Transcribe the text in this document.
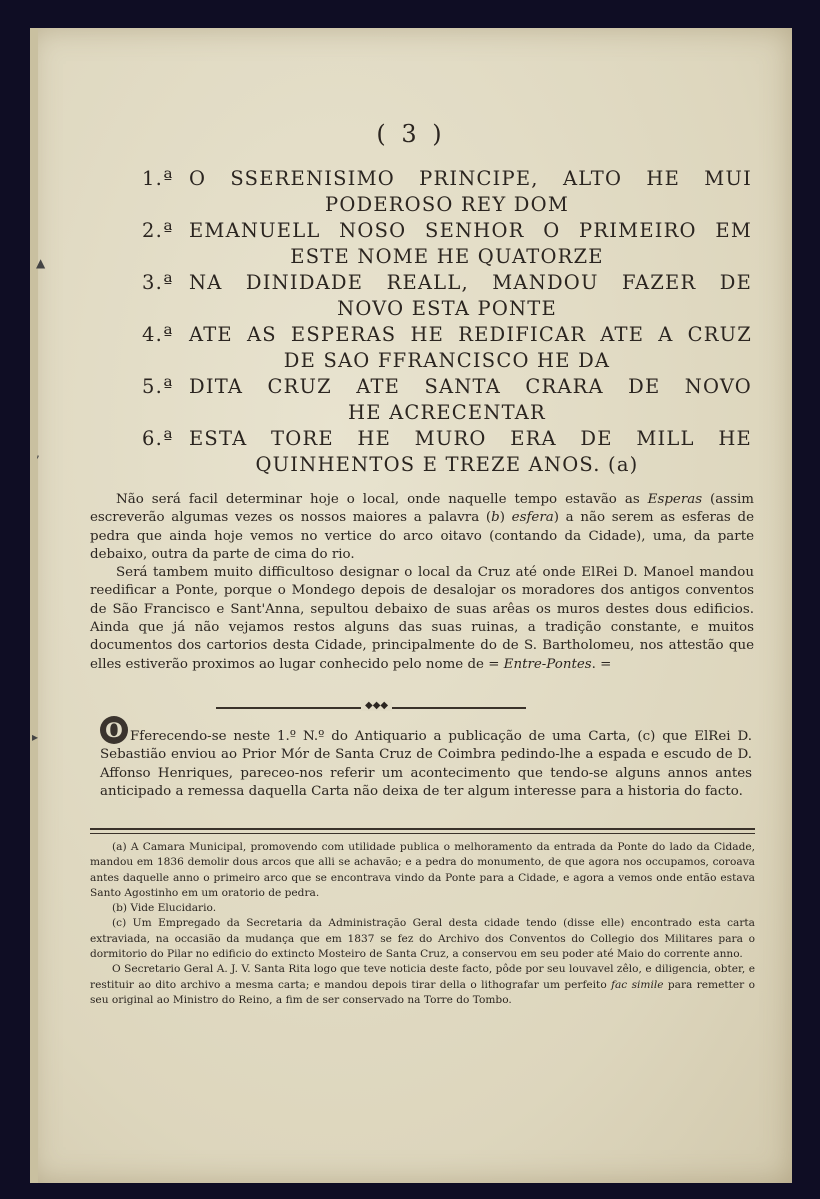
▲
,
▸
( 3 )
1.ª O SSERENISIMO PRINCIPE, ALTO HE MUI
PODEROSO REY DOM
2.ª EMANUELL NOSO SENHOR O PRIMEIRO EM
ESTE NOME HE QUATORZE
3.ª NA DINIDADE REALL, MANDOU FAZER DE
NOVO ESTA PONTE
4.ª ATE AS ESPERAS HE REDIFICAR ATE A CRUZ
DE SAO FFRANCISCO HE DA
5.ª DITA CRUZ ATE SANTA CRARA DE NOVO
HE ACRECENTAR
6.ª ESTA TORE HE MURO ERA DE MILL HE
QUINHENTOS E TREZE ANOS. (a)

Não será facil determinar hoje o local, onde naquelle tempo estavão as Esperas (assim escreverão algumas vezes os nossos maiores a palavra (b) esfera) a não serem as esferas de pedra que ainda hoje vemos no vertice do arco oitavo (contando da Cidade), uma, da parte debaixo, outra da parte de cima do rio.

Será tambem muito difficultoso designar o local da Cruz até onde ElRei D. Manoel mandou reedificar a Ponte, porque o Mondego depois de desalojar os moradores dos antigos conventos de São Francisco e Sant'Anna, sepultou debaixo de suas arêas os muros destes dous edificios. Ainda que já não vejamos restos alguns das suas ruinas, a tradição constante, e muitos documentos dos cartorios desta Cidade, principalmente do de S. Bartholomeu, nos attestão que elles estiverão proximos ao lugar conhecido pelo nome de = Entre-Pontes. =

◆◆◆
O Fferecendo-se neste 1.º N.º do Antiquario a publicação de uma Carta, (c) que ElRei D. Sebastião enviou ao Prior Mór de Santa Cruz de Coimbra pedindo-lhe a espada e escudo de D. Affonso Henriques, pareceo-nos referir um acontecimento que tendo-se alguns annos antes anticipado a remessa daquella Carta não deixa de ter algum interesse para a historia do facto.

(a) A Camara Municipal, promovendo com utilidade publica o melhoramento da entrada da Ponte do lado da Cidade, mandou em 1836 demolir dous arcos que alli se achavão; e a pedra do monumento, de que agora nos occupamos, coroava antes daquelle anno o primeiro arco que se encontrava vindo da Ponte para a Cidade, e agora a vemos onde então estava Santo Agostinho em um oratorio de pedra.

(b) Vide Elucidario.

(c) Um Empregado da Secretaria da Administração Geral desta cidade tendo (disse elle) encontrado esta carta extraviada, na occasião da mudança que em 1837 se fez do Archivo dos Conventos do Collegio dos Militares para o dormitorio do Pilar no edificio do extincto Mosteiro de Santa Cruz, a conservou em seu poder até Maio do corrente anno.

O Secretario Geral A. J. V. Santa Rita logo que teve noticia deste facto, pôde por seu louvavel zêlo, e diligencia, obter, e restituir ao dito archivo a mesma carta; e mandou depois tirar della o lithografar um perfeito fac simile para remetter o seu original ao Ministro do Reino, a fim de ser conservado na Torre do Tombo.
